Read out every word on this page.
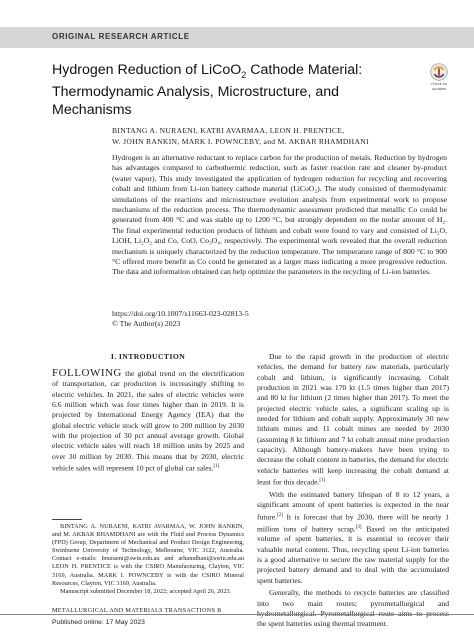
ORIGINAL RESEARCH ARTICLE
Hydrogen Reduction of LiCoO$_2$ Cathode Material: Thermodynamic Analysis, Microstructure, and Mechanisms
Check for
updates
BINTANG A. NURAENI, KATRI AVARMAA, LEON H. PRENTICE,
W. JOHN RANKIN, MARK I. POWNCEBY, and M. AKBAR RHAMDHANI
Hydrogen is an alternative reductant to replace carbon for the production of metals. Reduction by hydrogen has advantages compared to carbothermic reduction, such as faster reaction rate and cleaner by-product (water vapor). This study investigated the application of hydrogen reduction for recycling and recovering cobalt and lithium from Li-ion battery cathode material (LiCoO₂). The study consisted of thermodynamic simulations of the reactions and microstructure evolution analysis from experimental work to propose mechanisms of the reduction process. The thermodynamic assessment predicted that metallic Co could be generated from 400 °C and was stable up to 1200 °C, but strongly dependent on the molar amount of H₂. The final experimental reduction products of lithium and cobalt were found to vary and consisted of Li₂O, LiOH, Li₂O₂ and Co, CoO, Co₃O₄, respectively. The experimental work revealed that the overall reduction mechanism is uniquely characterized by the reduction temperature. The temperature range of 800 °C to 900 °C offered more benefit as Co could be generated as a larger mass indicating a more progressive reduction. The data and information obtained can help optimize the parameters in the recycling of Li-ion batteries.
https://doi.org/10.1007/s11663-023-02813-5
© The Author(s) 2023
I. INTRODUCTION
FOLLOWING the global trend on the electrification of transportation, car production is increasingly shifting to electric vehicles. In 2021, the sales of electric vehicles were 6.6 million which was four times higher than in 2019. It is projected by International Energy Agency (IEA) that the global electric vehicle stock will grow to 200 million by 2030 with the projection of 30 pct annual average growth. Global electric vehicle sales will reach 18 million units by 2025 and over 30 million by 2030. This means that by 2030, electric vehicle sales will represent 10 pct of global car sales.[1]

Due to the rapid growth in the production of electric vehicles, the demand for battery raw materials, particularly cobalt and lithium, is significantly increasing. Cobalt production in 2021 was 170 kt (1.5 times higher than 2017) and 80 kt for lithium (2 times higher than 2017). To meet the projected electric vehicle sales, a significant scaling up is needed for lithium and cobalt supply. Approximately 30 new lithium mines and 11 cobalt mines are needed by 2030 (assuming 8 kt lithium and 7 kt cobalt annual mine production capacity). Although battery-makers have been trying to decrease the cobalt content in batteries, the demand for electric vehicle batteries will keep increasing the cobalt demand at least for this decade.[1]

With the estimated battery lifespan of 8 to 12 years, a significant amount of spent batteries is expected in the near future.[2] It is forecast that by 2030, there will be nearly 1 million tons of battery scrap.[3] Based on the anticipated volume of spent batteries, it is essential to recover their valuable metal content. Thus, recycling spent Li-ion batteries is a good alternative to secure the raw material supply for the projected battery demand and to deal with the accumulated spent batteries.

Generally, the methods to recycle batteries are classified into two main routes; pyrometallurgical and hydrometallurgical. Pyrometallurgical route aims to process the spent batteries using thermal treatment.

BINTANG A. NURAENI, KATRI AVARMAA, W. JOHN RANKIN, and M. AKBAR RHAMDHANI are with the Fluid and Process Dynamics (FPD) Group, Department of Mechanical and Product Design Engineering, Swinburne University of Technology, Melbourne, VIC 3122, Australia. Contact e-mails: bnuraeni@swin.edu.au and arhamdhani@swin.edu.au LEON H. PRENTICE is with the CSIRO Manufacturing, Clayton, VIC 3169, Australia. MARK I. POWNCEBY is with the CSIRO Mineral Resources, Clayton, VIC 3169, Australia.

Manuscript submitted December 18, 2022; accepted April 26, 2023.

METALLURGICAL AND MATERIALS TRANSACTIONS B
Published online: 17 May 2023
